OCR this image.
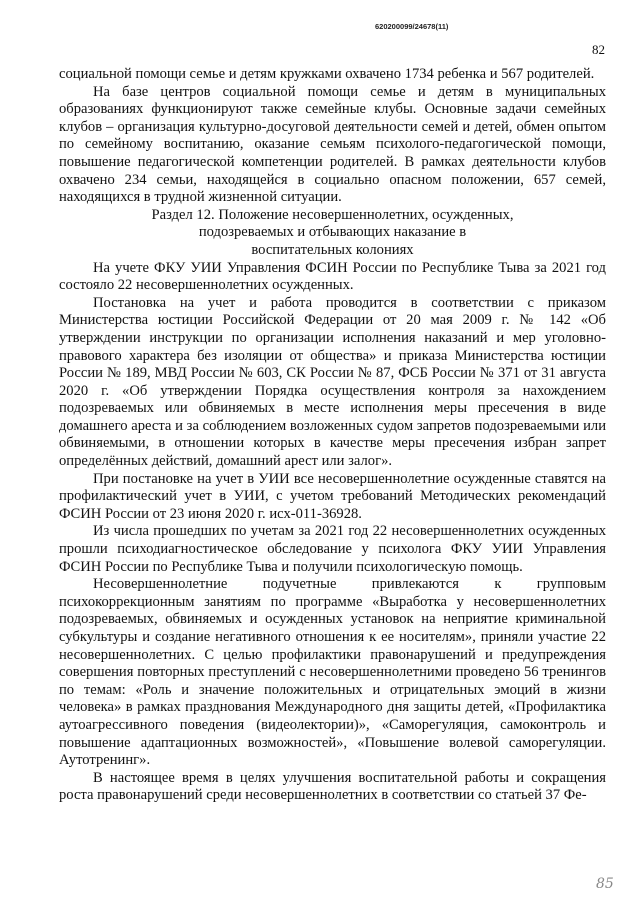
620200099/24678(11)
82

социальной помощи семье и детям кружками охвачено 1734 ребенка и 567 родителей.

На базе центров социальной помощи семье и детям в муниципальных образованиях функционируют также семейные клубы. Основные задачи семейных клубов – организация культурно-досуговой деятельности семей и детей, обмен опытом по семейному воспитанию, оказание семьям психолого-педагогической помощи, повышение педагогической компетенции родителей. В рамках деятельности клубов охвачено 234 семьи, находящейся в социально опасном положении, 657 семей, находящихся в трудной жизненной ситуации.

Раздел 12. Положение несовершеннолетних, осужденных,
подозреваемых и отбывающих наказание в
воспитательных колониях

На учете ФКУ УИИ Управления ФСИН России по Республике Тыва за 2021 год состояло 22 несовершеннолетних осужденных.

Постановка на учет и работа проводится в соответствии с приказом Министерства юстиции Российской Федерации от 20 мая 2009 г. № 142 «Об утверждении инструкции по организации исполнения наказаний и мер уголовно-правового характера без изоляции от общества» и приказа Министерства юстиции России № 189, МВД России № 603, СК России № 87, ФСБ России № 371 от 31 августа 2020 г. «Об утверждении Порядка осуществления контроля за нахождением подозреваемых или обвиняемых в месте исполнения меры пресечения в виде домашнего ареста и за соблюдением возложенных судом запретов подозреваемыми или обвиняемыми, в отношении которых в качестве меры пресечения избран запрет определённых действий, домашний арест или залог».

При постановке на учет в УИИ все несовершеннолетние осужденные ставятся на профилактический учет в УИИ, с учетом требований Методических рекомендаций ФСИН России от 23 июня 2020 г. исх-011-36928.

Из числа прошедших по учетам за 2021 год 22 несовершеннолетних осужденных прошли психодиагностическое обследование у психолога ФКУ УИИ Управления ФСИН России по Республике Тыва и получили психологическую помощь.

Несовершеннолетние подучетные привлекаются к групповым психокоррекционным занятиям по программе «Выработка у несовершеннолетних подозреваемых, обвиняемых и осужденных установок на неприятие криминальной субкультуры и создание негативного отношения к ее носителям», приняли участие 22 несовершеннолетних. С целью профилактики правонарушений и предупреждения совершения повторных преступлений с несовершеннолетними проведено 56 тренингов по темам: «Роль и значение положительных и отрицательных эмоций в жизни человека» в рамках празднования Международного дня защиты детей, «Профилактика аутоагрессивного поведения (видеолектории)», «Саморегуляция, самоконтроль и повышение адаптационных возможностей», «Повышение волевой саморегуляции. Аутотренинг».

В настоящее время в целях улучшения воспитательной работы и сокращения роста правонарушений среди несовершеннолетних в соответствии со статьей 37 Фе-

85
